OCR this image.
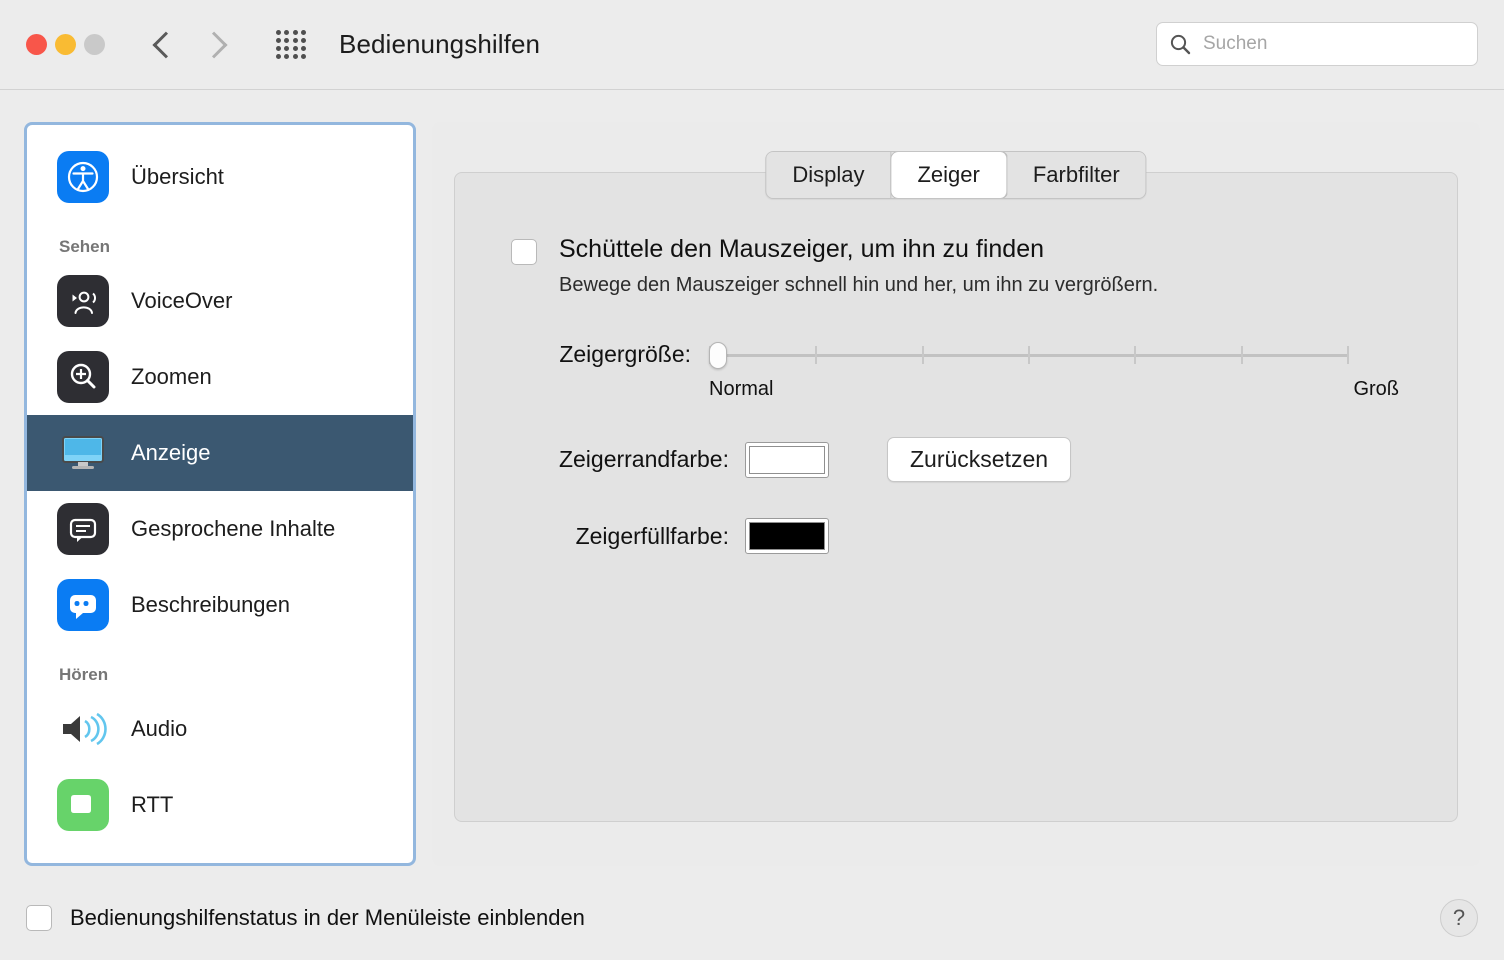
Bedienungshilfen
Suchen
Übersicht
Sehen
VoiceOver
Zoomen
Anzeige
Gesprochene Inhalte
Beschreibungen
Hören
Audio
RTT
Display	Zeiger	Farbfilter
Schüttele den Mauszeiger, um ihn zu finden
Bewege den Mauszeiger schnell hin und her, um ihn zu vergrößern.
Zeigergröße:
Normal	Groß
Zeigerrandfarbe:	Zurücksetzen
Zeigerfüllfarbe:
Bedienungshilfenstatus in der Menüleiste einblenden	?
